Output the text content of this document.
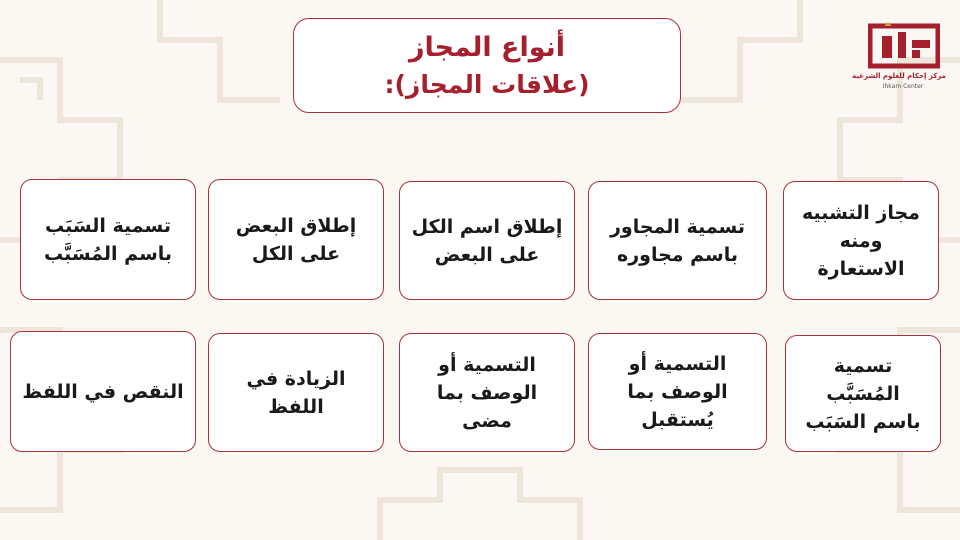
مركز إحكام للعلوم الشرعية
Ihkam Center
أنواع المجاز
(علاقات المجاز):
مجاز التشبيه
ومنه الاستعارة
تسمية المجاور
باسم مجاوره
إطلاق اسم الكل
على البعض
إطلاق البعض
على الكل
تسمية السَبَب
باسم المُسَبَّب
تسمية المُسَبَّب
باسم السَبَب
التسمية أو
الوصف بما
يُستقبل
التسمية أو
الوصف بما
مضى
الزيادة في اللفظ
النقص في اللفظ
